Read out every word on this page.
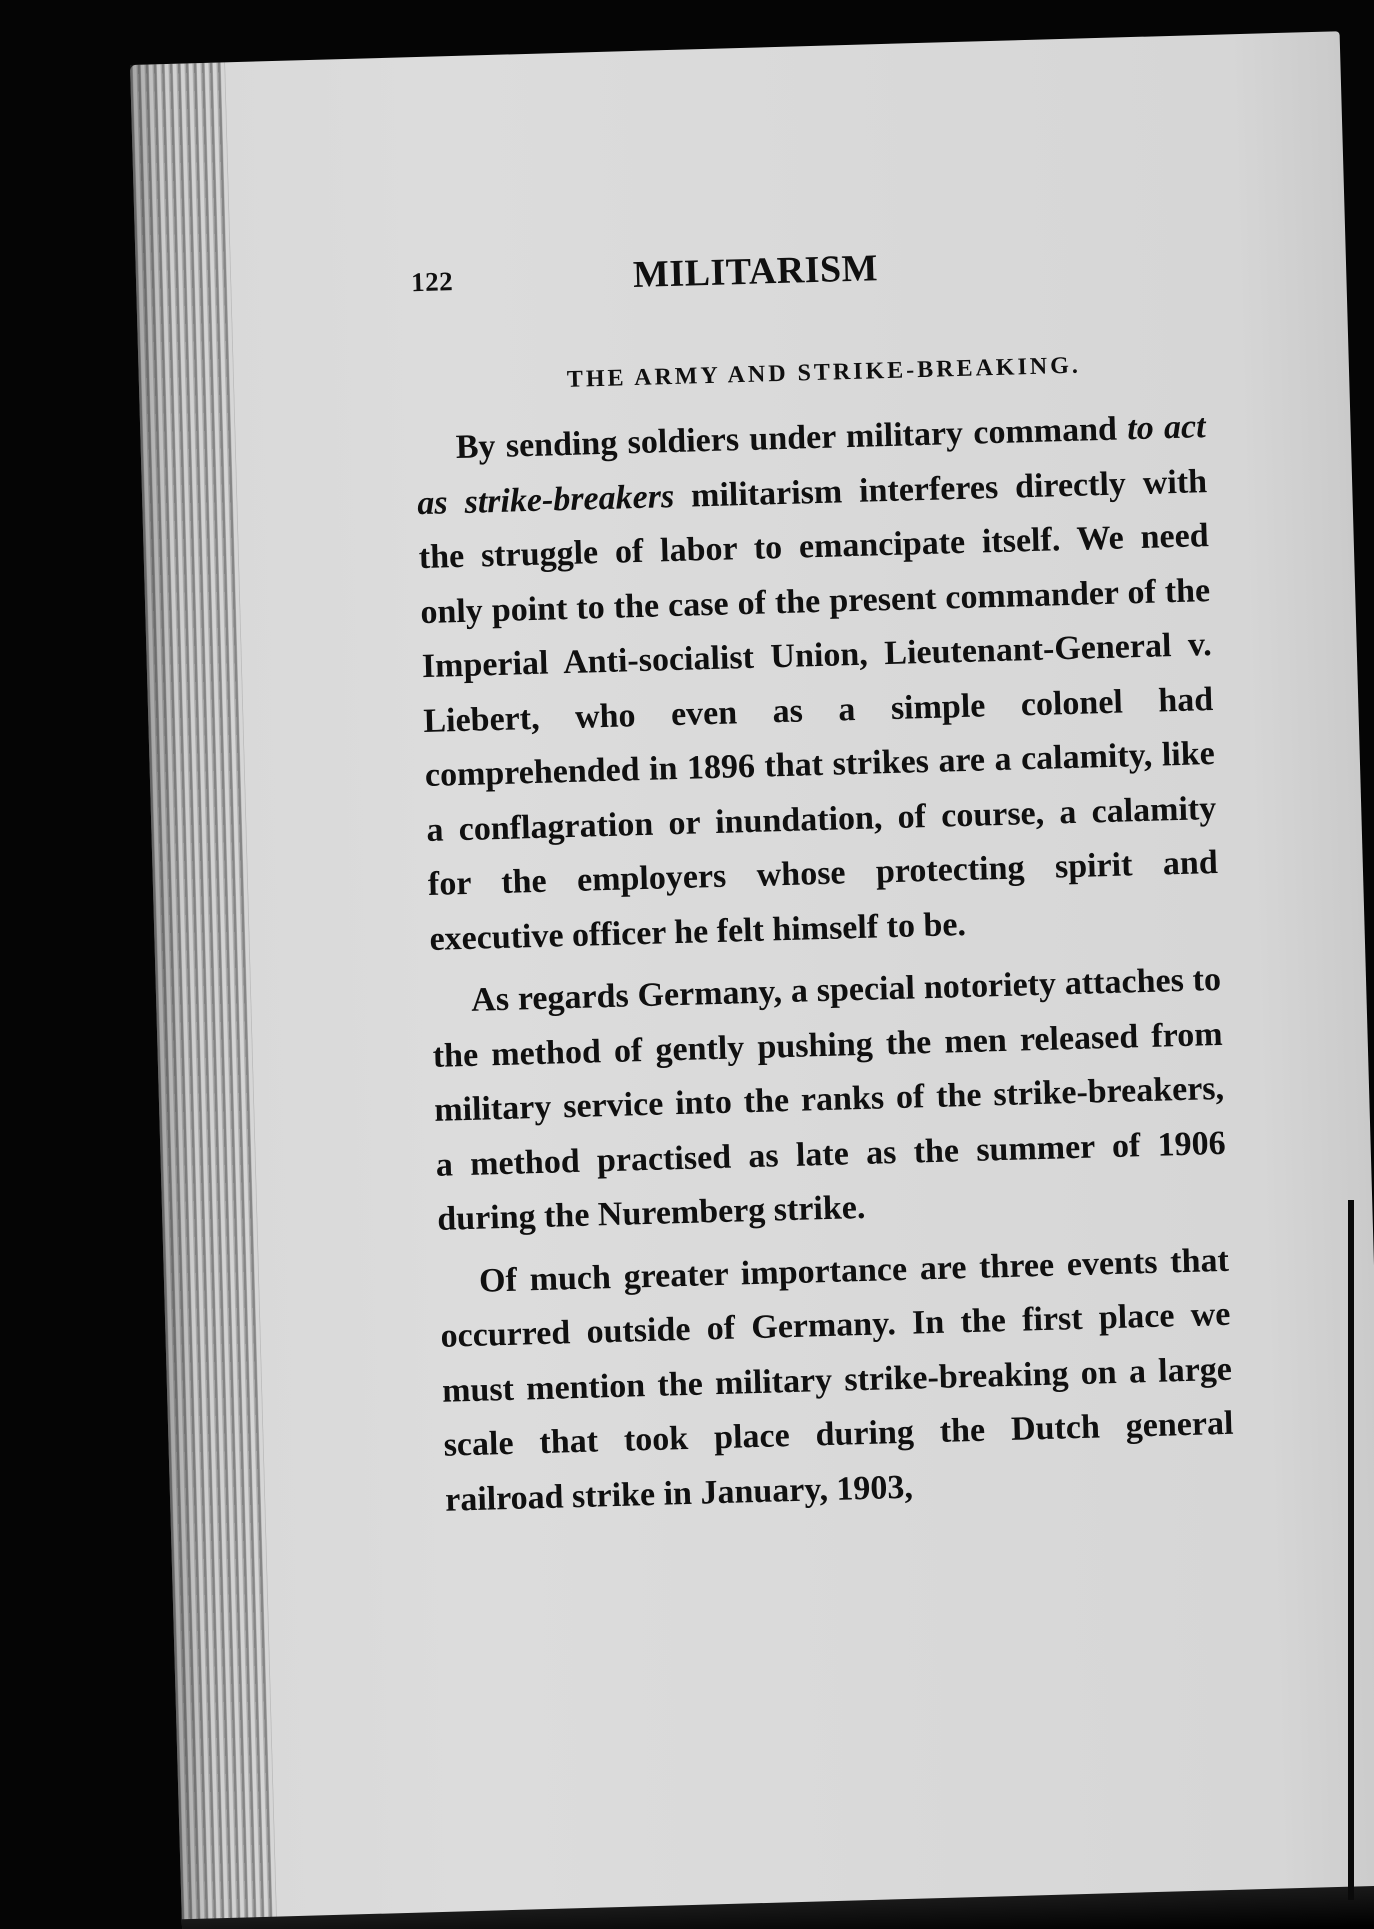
122	MILITARISM
THE ARMY AND STRIKE-BREAKING.

By sending soldiers under military command to act as strike-breakers militarism interferes directly with the struggle of labor to emancipate itself. We need only point to the case of the present commander of the Imperial Anti-socialist Union, Lieutenant-General v. Liebert, who even as a simple colonel had comprehended in 1896 that strikes are a calamity, like a conflagration or inundation, of course, a calamity for the employers whose protecting spirit and executive officer he felt himself to be.

As regards Germany, a special notoriety attaches to the method of gently pushing the men released from military service into the ranks of the strike-breakers, a method practised as late as the summer of 1906 during the Nuremberg strike.

Of much greater importance are three events that occurred outside of Germany. In the first place we must mention the military strike-breaking on a large scale that took place during the Dutch general railroad strike in January, 1903,
